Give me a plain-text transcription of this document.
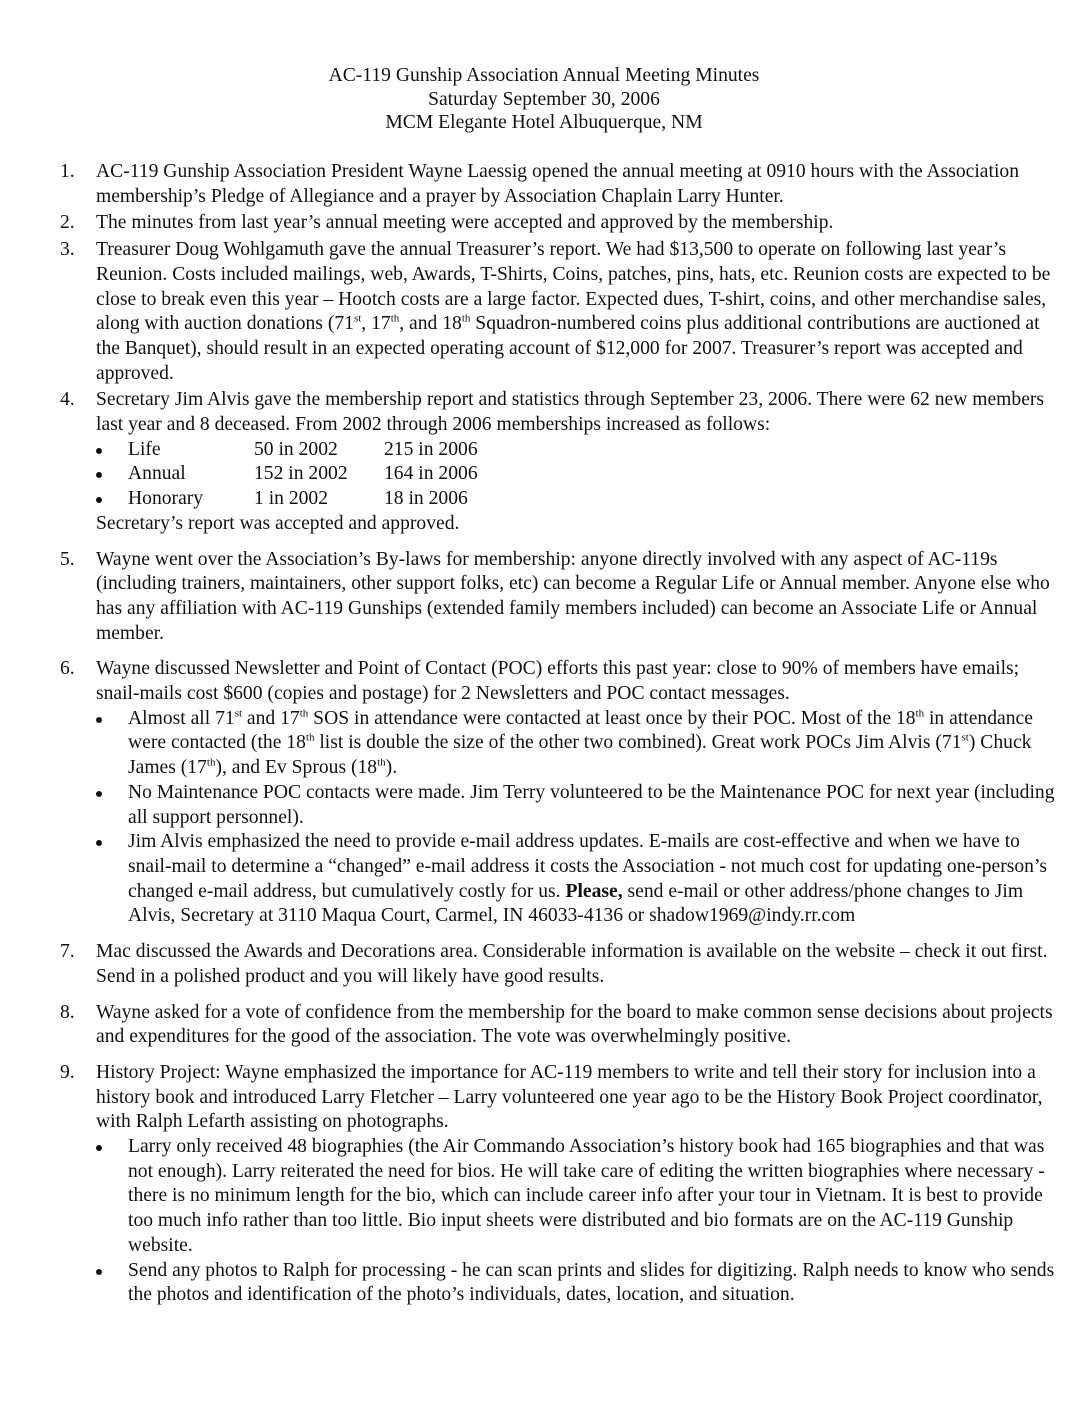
AC-119 Gunship Association Annual Meeting Minutes
Saturday September 30, 2006
MCM Elegante Hotel Albuquerque, NM
1.	AC-119 Gunship Association President Wayne Laessig opened the annual meeting at 0910 hours with the Association membership’s Pledge of Allegiance and a prayer by Association Chaplain Larry Hunter.
2.	The minutes from last year’s annual meeting were accepted and approved by the membership.
3.	Treasurer Doug Wohlgamuth gave the annual Treasurer’s report. We had $13,500 to operate on following last year’s Reunion. Costs included mailings, web, Awards, T-Shirts, Coins, patches, pins, hats, etc. Reunion costs are expected to be close to break even this year – Hootch costs are a large factor. Expected dues, T-shirt, coins, and other merchandise sales, along with auction donations (71st, 17th, and 18th Squadron-numbered coins plus additional contributions are auctioned at the Banquet), should result in an expected operating account of $12,000 for 2007. Treasurer’s report was accepted and approved.
4.	Secretary Jim Alvis gave the membership report and statistics through September 23, 2006. There were 62 new members last year and 8 deceased. From 2002 through 2006 memberships increased as follows:
Life	50 in 2002	215 in 2006
Annual	152 in 2002	164 in 2006
Honorary	1 in 2002	18 in 2006
Secretary’s report was accepted and approved.
5.	Wayne went over the Association’s By-laws for membership: anyone directly involved with any aspect of AC-119s (including trainers, maintainers, other support folks, etc) can become a Regular Life or Annual member. Anyone else who has any affiliation with AC-119 Gunships (extended family members included) can become an Associate Life or Annual member.
6.	Wayne discussed Newsletter and Point of Contact (POC) efforts this past year: close to 90% of members have emails; snail-mails cost $600 (copies and postage) for 2 Newsletters and POC contact messages.
Almost all 71st and 17th SOS in attendance were contacted at least once by their POC. Most of the 18th in attendance were contacted (the 18th list is double the size of the other two combined). Great work POCs Jim Alvis (71st) Chuck James (17th), and Ev Sprous (18th).
No Maintenance POC contacts were made. Jim Terry volunteered to be the Maintenance POC for next year (including all support personnel).
Jim Alvis emphasized the need to provide e-mail address updates. E-mails are cost-effective and when we have to snail-mail to determine a “changed” e-mail address it costs the Association - not much cost for updating one-person’s changed e-mail address, but cumulatively costly for us. Please, send e-mail or other address/phone changes to Jim Alvis, Secretary at 3110 Maqua Court, Carmel, IN 46033-4136 or shadow1969@indy.rr.com
7.	Mac discussed the Awards and Decorations area. Considerable information is available on the website – check it out first. Send in a polished product and you will likely have good results.
8.	Wayne asked for a vote of confidence from the membership for the board to make common sense decisions about projects and expenditures for the good of the association. The vote was overwhelmingly positive.
9.	History Project: Wayne emphasized the importance for AC-119 members to write and tell their story for inclusion into a history book and introduced Larry Fletcher – Larry volunteered one year ago to be the History Book Project coordinator, with Ralph Lefarth assisting on photographs.
Larry only received 48 biographies (the Air Commando Association’s history book had 165 biographies and that was not enough). Larry reiterated the need for bios. He will take care of editing the written biographies where necessary - there is no minimum length for the bio, which can include career info after your tour in Vietnam. It is best to provide too much info rather than too little. Bio input sheets were distributed and bio formats are on the AC-119 Gunship website.
Send any photos to Ralph for processing - he can scan prints and slides for digitizing. Ralph needs to know who sends the photos and identification of the photo’s individuals, dates, location, and situation.
